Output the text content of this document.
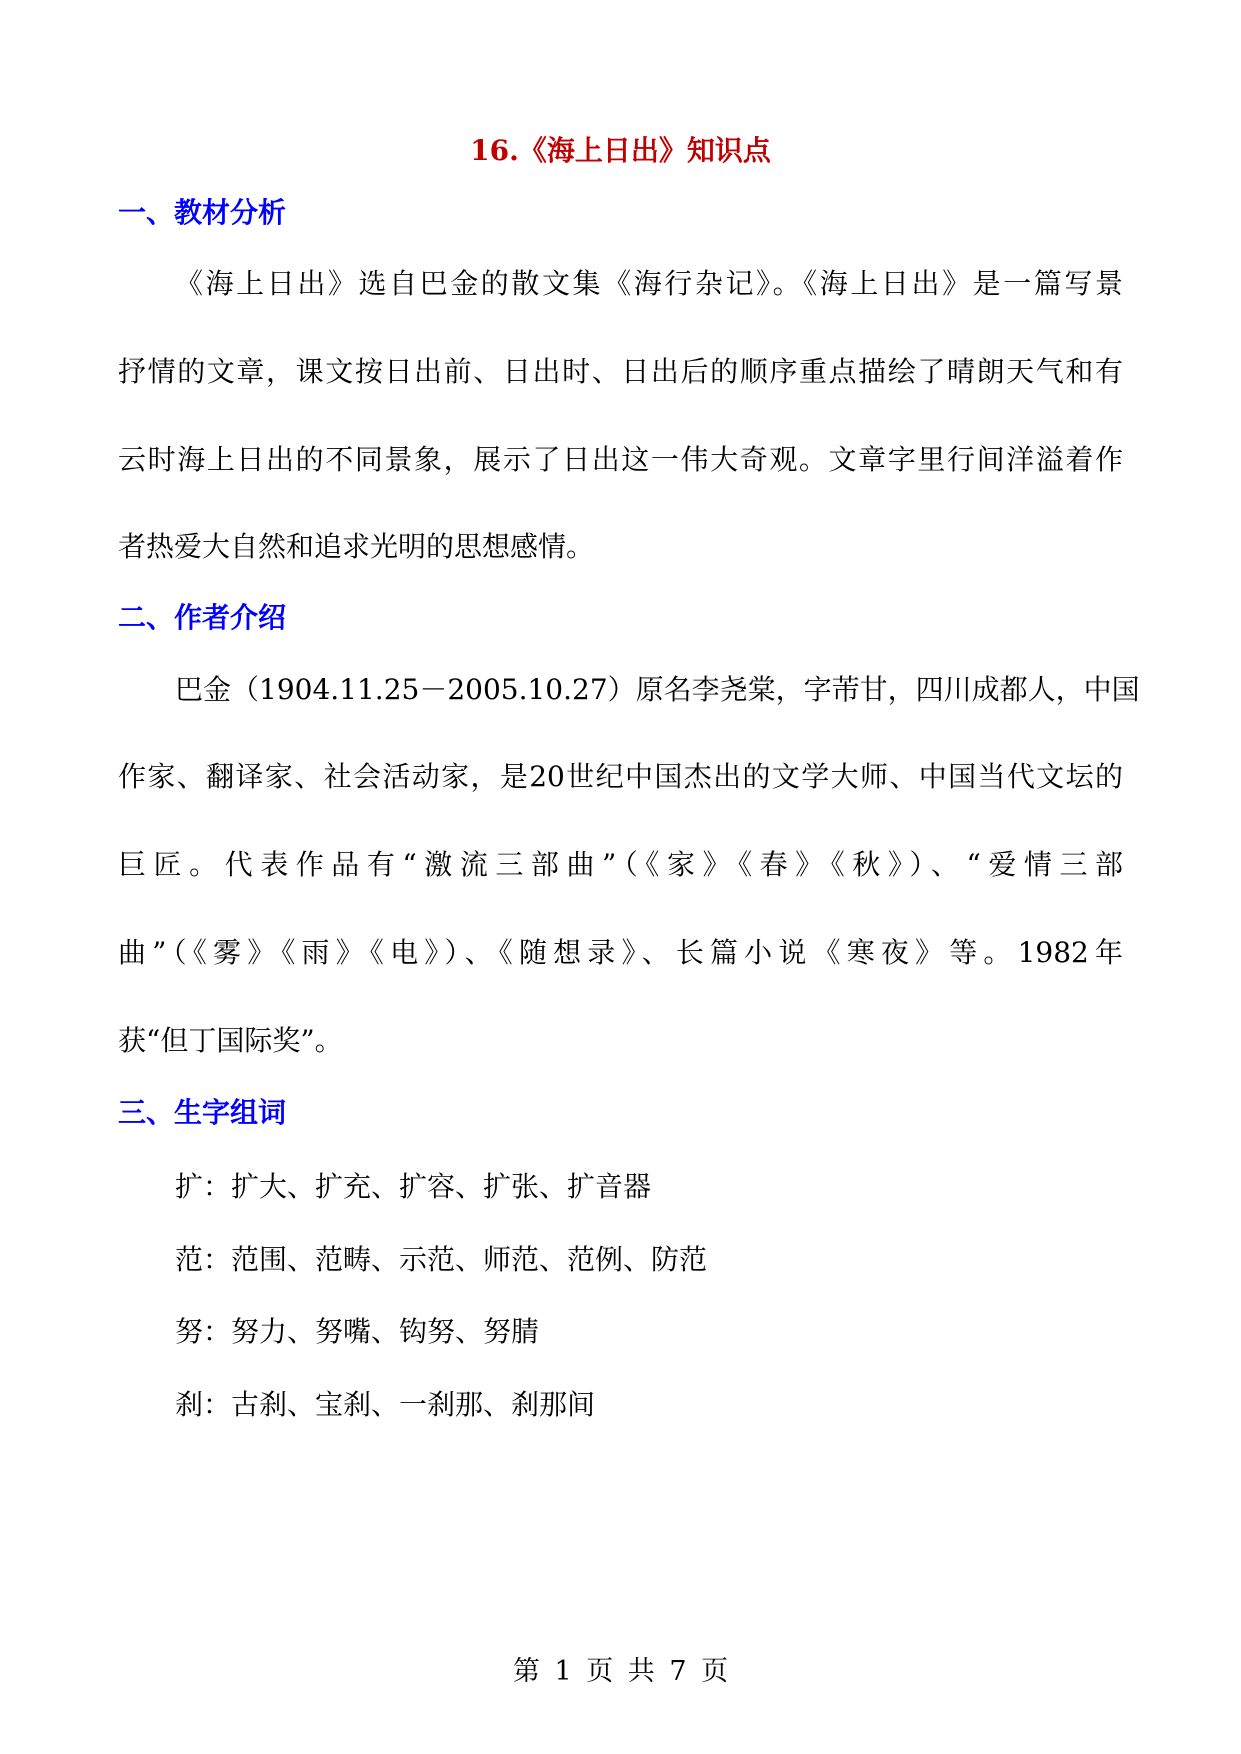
16.《海上日出》知识点
一、教材分析
《海上日出》选自巴金的散文集《海行杂记》。《海上日出》是一篇写景
抒情的文章，课文按日出前、日出时、日出后的顺序重点描绘了晴朗天气和有
云时海上日出的不同景象，展示了日出这一伟大奇观。文章字里行间洋溢着作
者热爱大自然和追求光明的思想感情。
二、作者介绍
巴金（1904.11.25－2005.10.27）原名李尧棠，字芾甘，四川成都人，中国
作家、翻译家、社会活动家，是20世纪中国杰出的文学大师、中国当代文坛的
巨匠。代表作品有“激流三部曲”（《家》《春》《秋》）、“爱情三部
曲”（《雾》《雨》《电》）、《随想录》、长篇小说《寒夜》等。1982年
获“但丁国际奖”。
三、生字组词
扩：扩大、扩充、扩容、扩张、扩音器
范：范围、范畴、示范、师范、范例、防范
努：努力、努嘴、钩努、努腈
刹：古刹、宝刹、一刹那、刹那间
第 1 页 共 7 页
